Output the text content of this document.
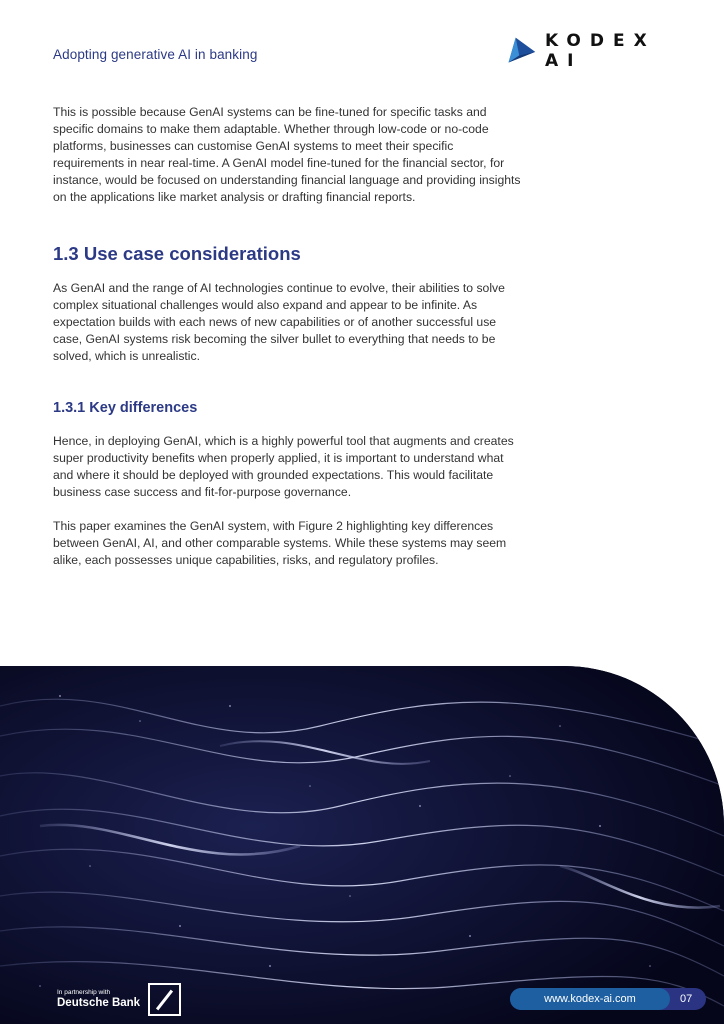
Adopting generative AI in banking
KODEX AI

This is possible because GenAI systems can be fine-tuned for specific tasks and specific domains to make them adaptable. Whether through low-code or no-code platforms, businesses can customise GenAI systems to meet their specific requirements in near real-time. A GenAI model fine-tuned for the financial sector, for instance, would be focused on understanding financial language and providing insights on the applications like market analysis or drafting financial reports.

1.3 Use case considerations

As GenAI and the range of AI technologies continue to evolve, their abilities to solve complex situational challenges would also expand and appear to be infinite. As expectation builds with each news of new capabilities or of another successful use case, GenAI systems risk becoming the silver bullet to everything that needs to be solved, which is unrealistic.

1.3.1 Key differences

Hence, in deploying GenAI, which is a highly powerful tool that augments and creates super productivity benefits when properly applied, it is important to understand what and where it should be deployed with grounded expectations. This would facilitate business case success and fit-for-purpose governance.

This paper examines the GenAI system, with Figure 2 highlighting key differences between GenAI, AI, and other comparable systems. While these systems may seem alike, each possesses unique capabilities, risks, and regulatory profiles.

In partnership with
Deutsche Bank	www.kodex-ai.com	07
